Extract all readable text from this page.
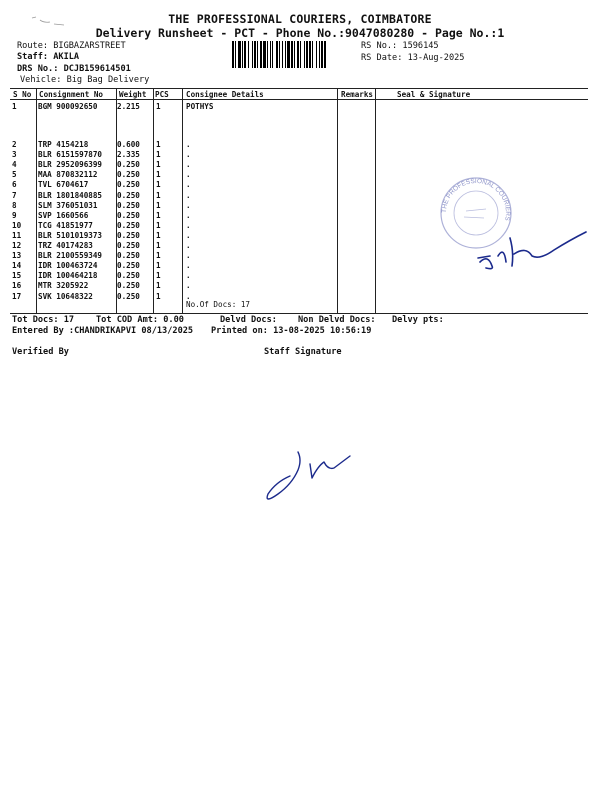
THE PROFESSIONAL COURIERS, COIMBATORE
Delivery Runsheet - PCT - Phone No.:9047080280 - Page No.:1
Route: BIGBAZARSTREET
Staff: AKILA
DRS No.: DCJB159614501
Vehicle: Big Bag Delivery
RS No.: 1596145
RS Date: 13-Aug-2025
S No Consignment No Weight PCS Consignee Details	Remarks	Seal & Signature
1	BGM 900092650	2.215 1	POTHYS
2	TRP 4154218	0.600 1	.
3	BLR 6151597870 2.335 1	.
4	BLR 2952096399 0.250 1	.
5	MAA 870832112	0.250 1	.
6	TVL 6704617	0.250 1	.
7	BLR 1801840885 0.250 1	.
8	SLM 376051031	0.250 1	.
9	SVP 1660566	0.250 1	.
10 TCG 41851977	0.250 1	.
11 BLR 5101019373 0.250 1	.
12 TRZ 40174283	0.250 1	.
13 BLR 2100559349 0.250 1	.
14 IDR 100463724	0.250 1	.
15 IDR 100464218	0.250 1	.
16 MTR 3205922	0.250 1	.
17 SVK 10648322	0.250 1	.
No.Of Docs: 17
THE PROFESSIONAL COURIERS
Tot Docs: 17	Tot COD Amt: 0.00	Delvd Docs: Non Delvd Docs: Delvy pts:
Entered By :CHANDRIKAPVI 08/13/2025 Printed on: 13-08-2025 10:56:19
Verified By	Staff Signature
